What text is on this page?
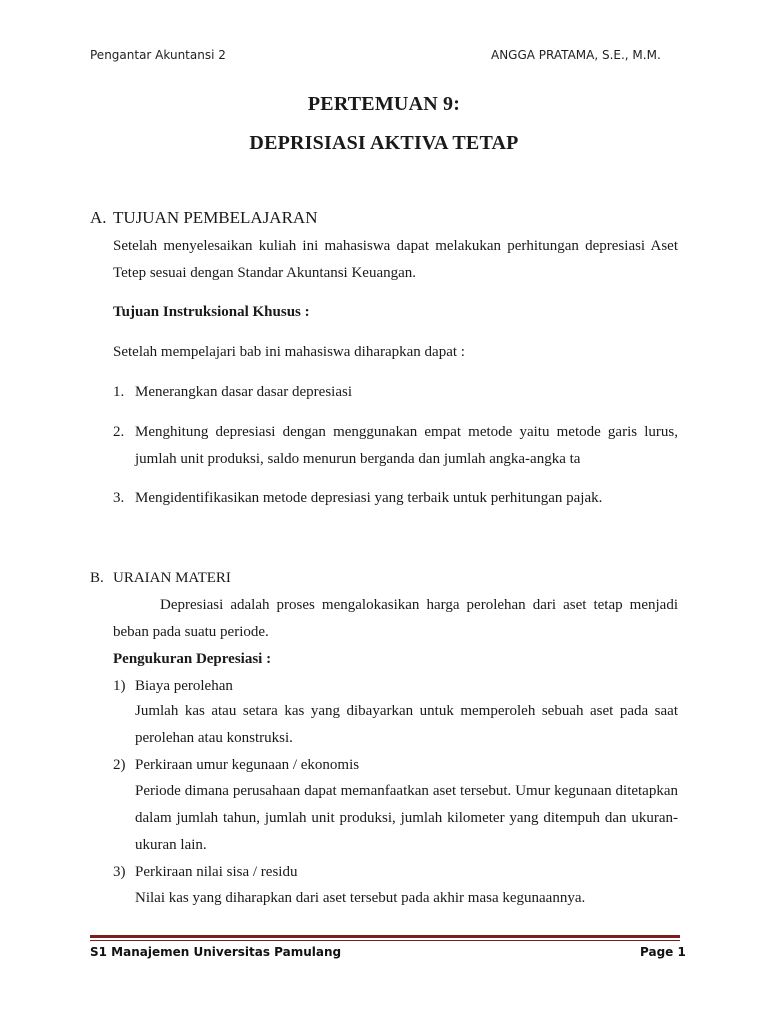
Pengantar Akuntansi 2	ANGGA PRATAMA, S.E., M.M.
PERTEMUAN 9:
DEPRISIASI AKTIVA TETAP
A. TUJUAN PEMBELAJARAN
Setelah menyelesaikan kuliah ini mahasiswa dapat melakukan perhitungan depresiasi Aset
Tetep sesuai dengan Standar Akuntansi Keuangan.
Tujuan Instruksional Khusus :
Setelah mempelajari bab ini mahasiswa diharapkan dapat :
1. Menerangkan dasar dasar depresiasi
2. Menghitung depresiasi dengan menggunakan empat metode yaitu metode garis lurus,
jumlah unit produksi, saldo menurun berganda dan jumlah angka-angka ta
3. Mengidentifikasikan metode depresiasi yang terbaik untuk perhitungan pajak.
B. URAIAN MATERI
Depresiasi adalah proses mengalokasikan harga perolehan dari aset tetap menjadi
beban pada suatu periode.
Pengukuran Depresiasi :
1) Biaya perolehan
Jumlah kas atau setara kas yang dibayarkan untuk memperoleh sebuah aset pada saat
perolehan atau konstruksi.
2) Perkiraan umur kegunaan / ekonomis
Periode dimana perusahaan dapat memanfaatkan aset tersebut. Umur kegunaan ditetapkan
dalam jumlah tahun, jumlah unit produksi, jumlah kilometer yang ditempuh dan ukuran-
ukuran lain.
3) Perkiraan nilai sisa / residu
Nilai kas yang diharapkan dari aset tersebut pada akhir masa kegunaannya.
S1 Manajemen Universitas Pamulang	Page 1
